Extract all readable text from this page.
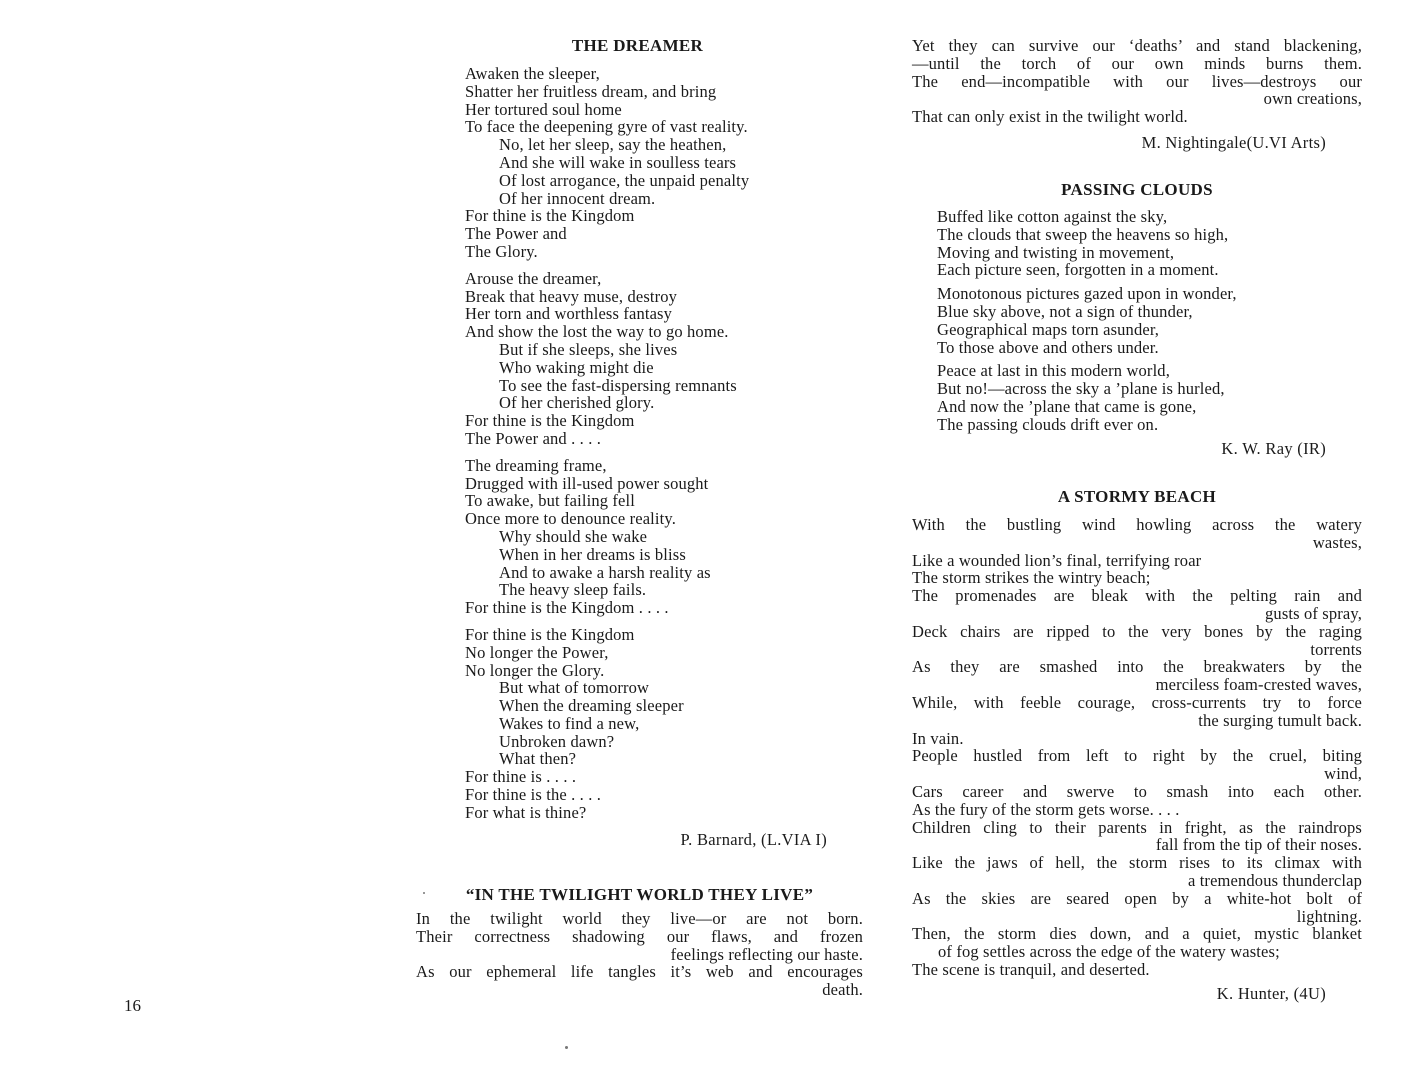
THE DREAMER
Awaken the sleeper,
Shatter her fruitless dream, and bring
Her tortured soul home
To face the deepening gyre of vast reality.
No, let her sleep, say the heathen,
And she will wake in soulless tears
Of lost arrogance, the unpaid penalty
Of her innocent dream.
For thine is the Kingdom
The Power and
The Glory.
Arouse the dreamer,
Break that heavy muse, destroy
Her torn and worthless fantasy
And show the lost the way to go home.
But if she sleeps, she lives
Who waking might die
To see the fast-dispersing remnants
Of her cherished glory.
For thine is the Kingdom
The Power and . . . .
The dreaming frame,
Drugged with ill-used power sought
To awake, but failing fell
Once more to denounce reality.
Why should she wake
When in her dreams is bliss
And to awake a harsh reality as
The heavy sleep fails.
For thine is the Kingdom . . . .
For thine is the Kingdom
No longer the Power,
No longer the Glory.
But what of tomorrow
When the dreaming sleeper
Wakes to find a new,
Unbroken dawn?
What then?
For thine is . . . .
For thine is the . . . .
For what is thine?
P. Barnard, (L.VIA I)
“IN THE TWILIGHT WORLD THEY LIVE”
In the twilight world they live—or are not born.
Their correctness shadowing our flaws, and frozen
feelings reflecting our haste.
As our ephemeral life tangles it’s web and encourages
death.
16
Yet they can survive our ‘deaths’ and stand blackening,
—until the torch of our own minds burns them.
The end—incompatible with our lives—destroys our
own creations,
That can only exist in the twilight world.
M. Nightingale(U.VI Arts)
PASSING CLOUDS
Buffed like cotton against the sky,
The clouds that sweep the heavens so high,
Moving and twisting in movement,
Each picture seen, forgotten in a moment.
Monotonous pictures gazed upon in wonder,
Blue sky above, not a sign of thunder,
Geographical maps torn asunder,
To those above and others under.
Peace at last in this modern world,
But no!—across the sky a ’plane is hurled,
And now the ’plane that came is gone,
The passing clouds drift ever on.
K. W. Ray (IR)
A STORMY BEACH
With the bustling wind howling across the watery
wastes,
Like a wounded lion’s final, terrifying roar
The storm strikes the wintry beach;
The promenades are bleak with the pelting rain and
gusts of spray,
Deck chairs are ripped to the very bones by the raging
torrents
As they are smashed into the breakwaters by the
merciless foam-crested waves,
While, with feeble courage, cross-currents try to force
the surging tumult back.
In vain.
People hustled from left to right by the cruel, biting
wind,
Cars career and swerve to smash into each other.
As the fury of the storm gets worse. . . .
Children cling to their parents in fright, as the raindrops
fall from the tip of their noses.
Like the jaws of hell, the storm rises to its climax with
a tremendous thunderclap
As the skies are seared open by a white-hot bolt of
lightning.
Then, the storm dies down, and a quiet, mystic blanket
of fog settles across the edge of the watery wastes;
The scene is tranquil, and deserted.
K. Hunter, (4U)
